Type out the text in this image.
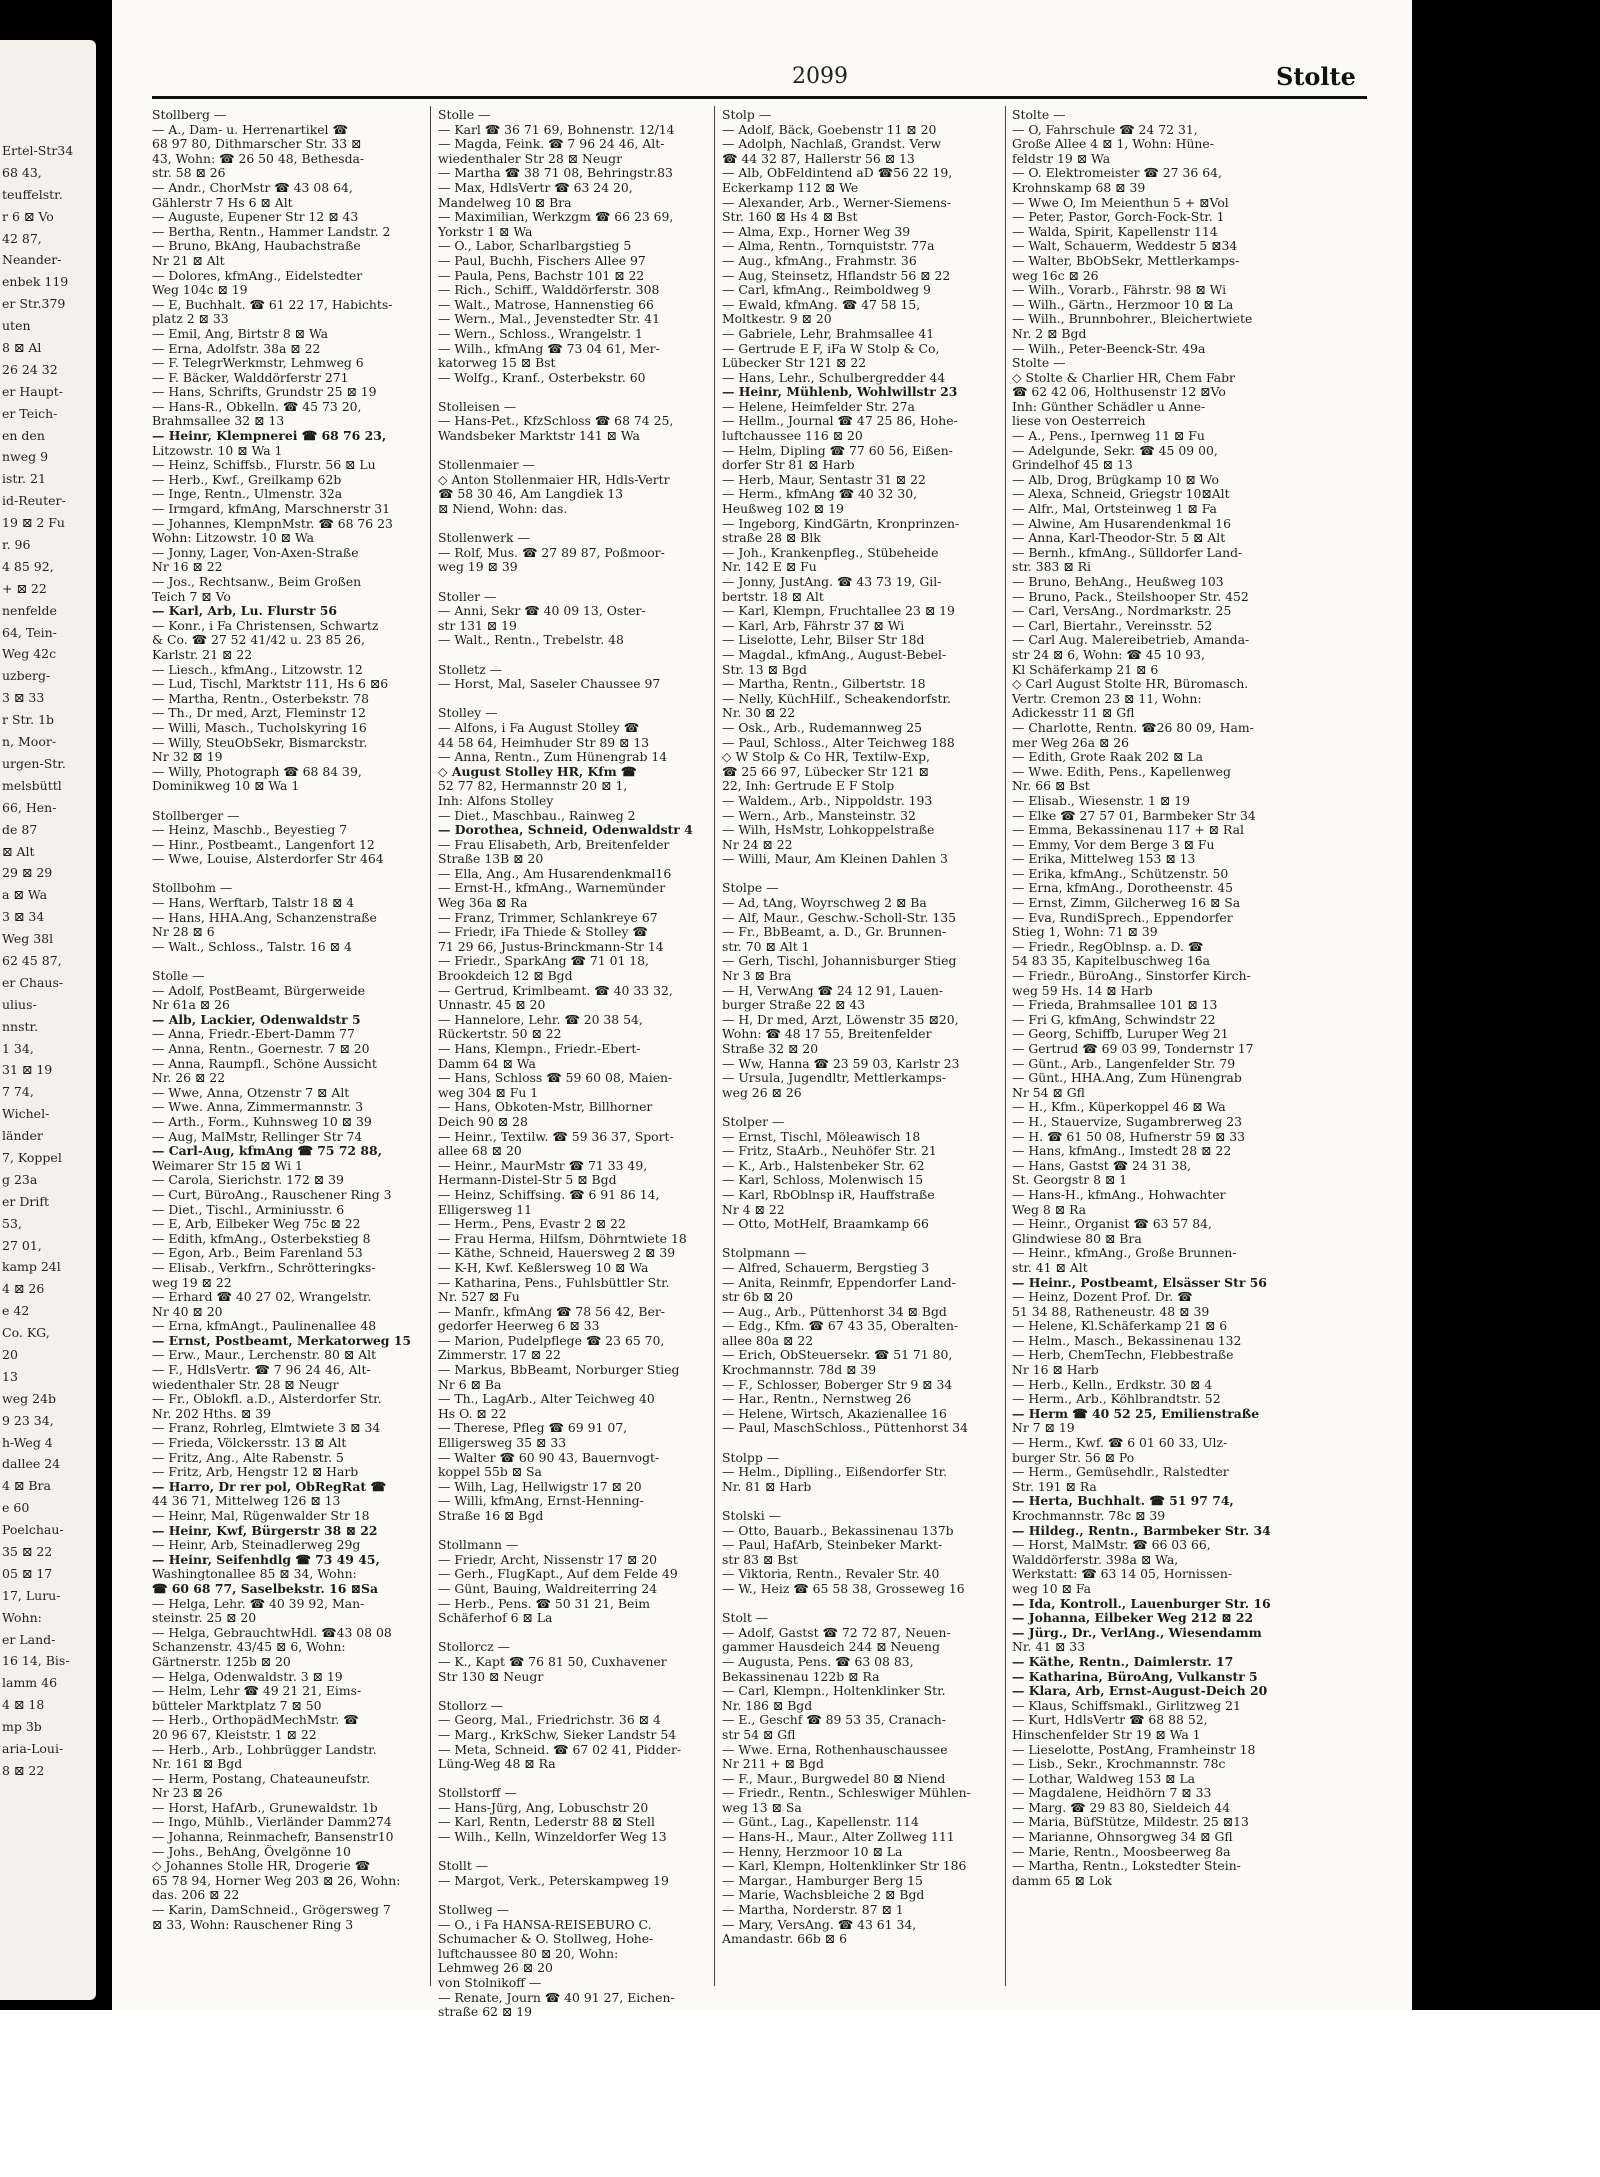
Ertel-Str34
68 43,
teuffelstr.
r 6 ⊠ Vo
42 87,
Neander-
enbek 119
er Str.379
uten
8 ⊠ Al
26 24 32
er Haupt-
er Teich-
en den
nweg 9
istr. 21
id-Reuter-
19 ⊠ 2 Fu
r. 96
4 85 92,
+ ⊠ 22
nenfelde
64, Tein-
Weg 42c
uzberg-
3 ⊠ 33
r Str. 1b
n, Moor-
urgen-Str.
melsbüttl
66, Hen-
de 87
⊠ Alt
29 ⊠ 29
a ⊠ Wa
3 ⊠ 34
Weg 38l
62 45 87,
er Chaus-
ulius-
nnstr.
1 34,
31 ⊠ 19
7 74,
Wichel-
länder
7, Koppel
g 23a
er Drift
53,
27 01,
kamp 24l
4 ⊠ 26
e 42
Co. KG,
20
13
weg 24b
9 23 34,
h-Weg 4
dallee 24
4 ⊠ Bra
e 60
Poelchau-
35 ⊠ 22
05 ⊠ 17
17, Luru-
Wohn:
er Land-
16 14, Bis-
lamm 46
4 ⊠ 18
mp 3b
aria-Loui-
8 ⊠ 22
2099	Stolte
Stollberg —
— A., Dam- u. Herrenartikel ☎
68 97 80, Dithmarscher Str. 33 ⊠
43, Wohn: ☎ 26 50 48, Bethesda-
str. 58 ⊠ 26
— Andr., ChorMstr ☎ 43 08 64,
Gählerstr 7 Hs 6 ⊠ Alt
— Auguste, Eupener Str 12 ⊠ 43
— Bertha, Rentn., Hammer Landstr. 2
— Bruno, BkAng, Haubachstraße
Nr 21 ⊠ Alt
— Dolores, kfmAng., Eidelstedter
Weg 104c ⊠ 19
— E, Buchhalt. ☎ 61 22 17, Habichts-
platz 2 ⊠ 33
— Emil, Ang, Birtstr 8 ⊠ Wa
— Erna, Adolfstr. 38a ⊠ 22
— F. TelegrWerkmstr, Lehmweg 6
— F. Bäcker, Walddörferstr 271
— Hans, Schrifts, Grundstr 25 ⊠ 19
— Hans-R., Obkelln. ☎ 45 73 20,
Brahmsallee 32 ⊠ 13
— Heinr, Klempnerei ☎ 68 76 23,
Litzowstr. 10 ⊠ Wa 1
— Heinz, Schiffsb., Flurstr. 56 ⊠ Lu
— Herb., Kwf., Greilkamp 62b
— Inge, Rentn., Ulmenstr. 32a
— Irmgard, kfmAng, Marschnerstr 31
— Johannes, KlempnMstr. ☎ 68 76 23
Wohn: Litzowstr. 10 ⊠ Wa
— Jonny, Lager, Von-Axen-Straße
Nr 16 ⊠ 22
— Jos., Rechtsanw., Beim Großen
Teich 7 ⊠ Vo
— Karl, Arb, Lu. Flurstr 56
— Konr., i Fa Christensen, Schwartz
& Co. ☎ 27 52 41/42 u. 23 85 26,
Karlstr. 21 ⊠ 22
— Liesch., kfmAng., Litzowstr. 12
— Lud, Tischl, Marktstr 111, Hs 6 ⊠6
— Martha, Rentn., Osterbekstr. 78
— Th., Dr med, Arzt, Fleminstr 12
— Willi, Masch., Tucholskyring 16
— Willy, SteuObSekr, Bismarckstr.
Nr 32 ⊠ 19
— Willy, Photograph ☎ 68 84 39,
Dominikweg 10 ⊠ Wa 1

Stollberger —
— Heinz, Maschb., Beyestieg 7
— Hinr., Postbeamt., Langenfort 12
— Wwe, Louise, Alsterdorfer Str 464

Stollbohm —
— Hans, Werftarb, Talstr 18 ⊠ 4
— Hans, HHA.Ang, Schanzenstraße
Nr 28 ⊠ 6
— Walt., Schloss., Talstr. 16 ⊠ 4

Stolle —
— Adolf, PostBeamt, Bürgerweide
Nr 61a ⊠ 26
— Alb, Lackier, Odenwaldstr 5
— Anna, Friedr.-Ebert-Damm 77
— Anna, Rentn., Goernestr. 7 ⊠ 20
— Anna, Raumpfl., Schöne Aussicht
Nr. 26 ⊠ 22
— Wwe, Anna, Otzenstr 7 ⊠ Alt
— Wwe. Anna, Zimmermannstr. 3
— Arth., Form., Kuhnsweg 10 ⊠ 39
— Aug, MalMstr, Rellinger Str 74
— Carl-Aug, kfmAng ☎ 75 72 88,
Weimarer Str 15 ⊠ Wi 1
— Carola, Sierichstr. 172 ⊠ 39
— Curt, BüroAng., Rauschener Ring 3
— Diet., Tischl., Arminiusstr. 6
— E, Arb, Eilbeker Weg 75c ⊠ 22
— Edith, kfmAng., Osterbekstieg 8
— Egon, Arb., Beim Farenland 53
— Elisab., Verkfrn., Schrötteringks-
weg 19 ⊠ 22
— Erhard ☎ 40 27 02, Wrangelstr.
Nr 40 ⊠ 20
— Erna, kfmAngt., Paulinenallee 48
— Ernst, Postbeamt, Merkatorweg 15
— Erw., Maur., Lerchenstr. 80 ⊠ Alt
— F., HdlsVertr. ☎ 7 96 24 46, Alt-
wiedenthaler Str. 28 ⊠ Neugr
— Fr., Oblokfl. a.D., Alsterdorfer Str.
Nr. 202 Hths. ⊠ 39
— Franz, Rohrleg, Elmtwiete 3 ⊠ 34
— Frieda, Völckersstr. 13 ⊠ Alt
— Fritz, Ang., Alte Rabenstr. 5
— Fritz, Arb, Hengstr 12 ⊠ Harb
— Harro, Dr rer pol, ObRegRat ☎
44 36 71, Mittelweg 126 ⊠ 13
— Heinr, Mal, Rügenwalder Str 18
— Heinr, Kwf, Bürgerstr 38 ⊠ 22
— Heinr, Arb, Steinadlerweg 29g
— Heinr, Seifenhdlg ☎ 73 49 45,
Washingtonallee 85 ⊠ 34, Wohn:
☎ 60 68 77, Saselbekstr. 16 ⊠Sa
— Helga, Lehr. ☎ 40 39 92, Man-
steinstr. 25 ⊠ 20
— Helga, GebrauchtwHdl. ☎43 08 08
Schanzenstr. 43/45 ⊠ 6, Wohn:
Gärtnerstr. 125b ⊠ 20
— Helga, Odenwaldstr. 3 ⊠ 19
— Helm, Lehr ☎ 49 21 21, Eims-
bütteler Marktplatz 7 ⊠ 50
— Herb., OrthopädMechMstr. ☎
20 96 67, Kleiststr. 1 ⊠ 22
— Herb., Arb., Lohbrügger Landstr.
Nr. 161 ⊠ Bgd
— Herm, Postang, Chateauneufstr.
Nr 23 ⊠ 26
— Horst, HafArb., Grunewaldstr. 1b
— Ingo, Mühlb., Vierländer Damm274
— Johanna, Reinmachefr, Bansenstr10
— Johs., BehAng, Övelgönne 10
◇ Johannes Stolle HR, Drogerie ☎
65 78 94, Horner Weg 203 ⊠ 26, Wohn:
das. 206 ⊠ 22
— Karin, DamSchneid., Grögersweg 7
⊠ 33, Wohn: Rauschener Ring 3
Stolle —
— Karl ☎ 36 71 69, Bohnenstr. 12/14
— Magda, Feink. ☎ 7 96 24 46, Alt-
wiedenthaler Str 28 ⊠ Neugr
— Martha ☎ 38 71 08, Behringstr.83
— Max, HdlsVertr ☎ 63 24 20,
Mandelweg 10 ⊠ Bra
— Maximilian, Werkzgm ☎ 66 23 69,
Yorkstr 1 ⊠ Wa
— O., Labor, Scharlbargstieg 5
— Paul, Buchh, Fischers Allee 97
— Paula, Pens, Bachstr 101 ⊠ 22
— Rich., Schiff., Walddörferstr. 308
— Walt., Matrose, Hannenstieg 66
— Wern., Mal., Jevenstedter Str. 41
— Wern., Schloss., Wrangelstr. 1
— Wilh., kfmAng ☎ 73 04 61, Mer-
katorweg 15 ⊠ Bst
— Wolfg., Kranf., Osterbekstr. 60

Stolleisen —
— Hans-Pet., KfzSchloss ☎ 68 74 25,
Wandsbeker Marktstr 141 ⊠ Wa

Stollenmaier —
◇ Anton Stollenmaier HR, Hdls-Vertr
☎ 58 30 46, Am Langdiek 13
⊠ Niend, Wohn: das.

Stollenwerk —
— Rolf, Mus. ☎ 27 89 87, Poßmoor-
weg 19 ⊠ 39

Stoller —
— Anni, Sekr ☎ 40 09 13, Oster-
str 131 ⊠ 19
— Walt., Rentn., Trebelstr. 48

Stolletz —
— Horst, Mal, Saseler Chaussee 97

Stolley —
— Alfons, i Fa August Stolley ☎
44 58 64, Heimhuder Str 89 ⊠ 13
— Anna, Rentn., Zum Hünengrab 14
◇ August Stolley HR, Kfm ☎
52 77 82, Hermannstr 20 ⊠ 1,
Inh: Alfons Stolley
— Diet., Maschbau., Rainweg 2
— Dorothea, Schneid, Odenwaldstr 4
— Frau Elisabeth, Arb, Breitenfelder
Straße 13B ⊠ 20
— Ella, Ang., Am Husarendenkmal16
— Ernst-H., kfmAng., Warnemünder
Weg 36a ⊠ Ra
— Franz, Trimmer, Schlankreye 67
— Friedr, iFa Thiede & Stolley ☎
71 29 66, Justus-Brinckmann-Str 14
— Friedr., SparkAng ☎ 71 01 18,
Brookdeich 12 ⊠ Bgd
— Gertrud, Krimlbeamt. ☎ 40 33 32,
Unnastr. 45 ⊠ 20
— Hannelore, Lehr. ☎ 20 38 54,
Rückertstr. 50 ⊠ 22
— Hans, Klempn., Friedr.-Ebert-
Damm 64 ⊠ Wa
— Hans, Schloss ☎ 59 60 08, Maien-
weg 304 ⊠ Fu 1
— Hans, Obkoten-Mstr, Billhorner
Deich 90 ⊠ 28
— Heinr., Textilw. ☎ 59 36 37, Sport-
allee 68 ⊠ 20
— Heinr., MaurMstr ☎ 71 33 49,
Hermann-Distel-Str 5 ⊠ Bgd
— Heinz, Schiffsing. ☎ 6 91 86 14,
Elligersweg 11
— Herm., Pens, Evastr 2 ⊠ 22
— Frau Herma, Hilfsm, Döhrntwiete 18
— Käthe, Schneid, Hauersweg 2 ⊠ 39
— K-H, Kwf. Keßlersweg 10 ⊠ Wa
— Katharina, Pens., Fuhlsbüttler Str.
Nr. 527 ⊠ Fu
— Manfr., kfmAng ☎ 78 56 42, Ber-
gedorfer Heerweg 6 ⊠ 33
— Marion, Pudelpflege ☎ 23 65 70,
Zimmerstr. 17 ⊠ 22
— Markus, BbBeamt, Norburger Stieg
Nr 6 ⊠ Ba
— Th., LagArb., Alter Teichweg 40
Hs O. ⊠ 22
— Therese, Pfleg ☎ 69 91 07,
Elligersweg 35 ⊠ 33
— Walter ☎ 60 90 43, Bauernvogt-
koppel 55b ⊠ Sa
— Wilh, Lag, Hellwigstr 17 ⊠ 20
— Willi, kfmAng, Ernst-Henning-
Straße 16 ⊠ Bgd

Stollmann —
— Friedr, Archt, Nissenstr 17 ⊠ 20
— Gerh., FlugKapt., Auf dem Felde 49
— Günt, Bauing, Waldreiterring 24
— Herb., Pens. ☎ 50 31 21, Beim
Schäferhof 6 ⊠ La

Stollorcz —
— K., Kapt ☎ 76 81 50, Cuxhavener
Str 130 ⊠ Neugr

Stollorz —
— Georg, Mal., Friedrichstr. 36 ⊠ 4
— Marg., KrkSchw, Sieker Landstr 54
— Meta, Schneid. ☎ 67 02 41, Pidder-
Lüng-Weg 48 ⊠ Ra

Stollstorff —
— Hans-Jürg, Ang, Lobuschstr 20
— Karl, Rentn, Lederstr 88 ⊠ Stell
— Wilh., Kelln, Winzeldorfer Weg 13

Stollt —
— Margot, Verk., Peterskampweg 19

Stollweg —
— O., i Fa HANSA-REISEBURO C.
Schumacher & O. Stollweg, Hohe-
luftchaussee 80 ⊠ 20, Wohn:
Lehmweg 26 ⊠ 20
von Stolnikoff —
— Renate, Journ ☎ 40 91 27, Eichen-
straße 62 ⊠ 19
Stolp —
— Adolf, Bäck, Goebenstr 11 ⊠ 20
— Adolph, Nachlaß, Grandst. Verw
☎ 44 32 87, Hallerstr 56 ⊠ 13
— Alb, ObFeldintend aD ☎56 22 19,
Eckerkamp 112 ⊠ We
— Alexander, Arb., Werner-Siemens-
Str. 160 ⊠ Hs 4 ⊠ Bst
— Alma, Exp., Horner Weg 39
— Alma, Rentn., Tornquiststr. 77a
— Aug., kfmAng., Frahmstr. 36
— Aug, Steinsetz, Hflandstr 56 ⊠ 22
— Carl, kfmAng., Reimboldweg 9
— Ewald, kfmAng. ☎ 47 58 15,
Moltkestr. 9 ⊠ 20
— Gabriele, Lehr, Brahmsallee 41
— Gertrude E F, iFa W Stolp & Co,
Lübecker Str 121 ⊠ 22
— Hans, Lehr., Schulbergredder 44
— Heinr, Mühlenb, Wohlwillstr 23
— Helene, Heimfelder Str. 27a
— Hellm., Journal ☎ 47 25 86, Hohe-
luftchaussee 116 ⊠ 20
— Helm, Dipling ☎ 77 60 56, Eißen-
dorfer Str 81 ⊠ Harb
— Herb, Maur, Sentastr 31 ⊠ 22
— Herm., kfmAng ☎ 40 32 30,
Heußweg 102 ⊠ 19
— Ingeborg, KindGärtn, Kronprinzen-
straße 28 ⊠ Blk
— Joh., Krankenpfleg., Stübeheide
Nr. 142 E ⊠ Fu
— Jonny, JustAng. ☎ 43 73 19, Gil-
bertstr. 18 ⊠ Alt
— Karl, Klempn, Fruchtallee 23 ⊠ 19
— Karl, Arb, Fährstr 37 ⊠ Wi
— Liselotte, Lehr, Bilser Str 18d
— Magdal., kfmAng., August-Bebel-
Str. 13 ⊠ Bgd
— Martha, Rentn., Gilbertstr. 18
— Nelly, KüchHilf., Scheakendorfstr.
Nr. 30 ⊠ 22
— Osk., Arb., Rudemannweg 25
— Paul, Schloss., Alter Teichweg 188
◇ W Stolp & Co HR, Textilw-Exp,
☎ 25 66 97, Lübecker Str 121 ⊠
22, Inh: Gertrude E F Stolp
— Waldem., Arb., Nippoldstr. 193
— Wern., Arb., Mansteinstr. 32
— Wilh, HsMstr, Lohkoppelstraße
Nr 24 ⊠ 22
— Willi, Maur, Am Kleinen Dahlen 3

Stolpe —
— Ad, tAng, Woyrschweg 2 ⊠ Ba
— Alf, Maur., Geschw.-Scholl-Str. 135
— Fr., BbBeamt, a. D., Gr. Brunnen-
str. 70 ⊠ Alt 1
— Gerh, Tischl, Johannisburger Stieg
Nr 3 ⊠ Bra
— H, VerwAng ☎ 24 12 91, Lauen-
burger Straße 22 ⊠ 43
— H, Dr med, Arzt, Löwenstr 35 ⊠20,
Wohn: ☎ 48 17 55, Breitenfelder
Straße 32 ⊠ 20
— Ww, Hanna ☎ 23 59 03, Karlstr 23
— Ursula, Jugendltr, Mettlerkamps-
weg 26 ⊠ 26

Stolper —
— Ernst, Tischl, Möleawisch 18
— Fritz, StaArb., Neuhöfer Str. 21
— K., Arb., Halstenbeker Str. 62
— Karl, Schloss, Molenwisch 15
— Karl, RbOblnsp iR, Hauffstraße
Nr 4 ⊠ 22
— Otto, MotHelf, Braamkamp 66

Stolpmann —
— Alfred, Schauerm, Bergstieg 3
— Anita, Reinmfr, Eppendorfer Land-
str 6b ⊠ 20
— Aug., Arb., Püttenhorst 34 ⊠ Bgd
— Edg., Kfm. ☎ 67 43 35, Oberalten-
allee 80a ⊠ 22
— Erich, ObSteuersekr. ☎ 51 71 80,
Krochmannstr. 78d ⊠ 39
— F., Schlosser, Boberger Str 9 ⊠ 34
— Har., Rentn., Nernstweg 26
— Helene, Wirtsch, Akazienallee 16
— Paul, MaschSchloss., Püttenhorst 34

Stolpp —
— Helm., Diplling., Eißendorfer Str.
Nr. 81 ⊠ Harb

Stolski —
— Otto, Bauarb., Bekassinenau 137b
— Paul, HafArb, Steinbeker Markt-
str 83 ⊠ Bst
— Viktoria, Rentn., Revaler Str. 40
— W., Heiz ☎ 65 58 38, Grosseweg 16

Stolt —
— Adolf, Gastst ☎ 72 72 87, Neuen-
gammer Hausdeich 244 ⊠ Neueng
— Augusta, Pens. ☎ 63 08 83,
Bekassinenau 122b ⊠ Ra
— Carl, Klempn., Holtenklinker Str.
Nr. 186 ⊠ Bgd
— E., Geschf ☎ 89 53 35, Cranach-
str 54 ⊠ Gfl
— Wwe. Erna, Rothenhauschaussee
Nr 211 + ⊠ Bgd
— F., Maur., Burgwedel 80 ⊠ Niend
— Friedr., Rentn., Schleswiger Mühlen-
weg 13 ⊠ Sa
— Günt., Lag., Kapellenstr. 114
— Hans-H., Maur., Alter Zollweg 111
— Henny, Herzmoor 10 ⊠ La
— Karl, Klempn, Holtenklinker Str 186
— Margar., Hamburger Berg 15
— Marie, Wachsbleiche 2 ⊠ Bgd
— Martha, Norderstr. 87 ⊠ 1
— Mary, VersAng. ☎ 43 61 34,
Amandastr. 66b ⊠ 6
Stolte —
— O, Fahrschule ☎ 24 72 31,
Große Allee 4 ⊠ 1, Wohn: Hüne-
feldstr 19 ⊠ Wa
— O. Elektromeister ☎ 27 36 64,
Krohnskamp 68 ⊠ 39
— Wwe O, Im Meienthun 5 + ⊠Vol
— Peter, Pastor, Gorch-Fock-Str. 1
— Walda, Spirit, Kapellenstr 114
— Walt, Schauerm, Weddestr 5 ⊠34
— Walter, BbObSekr, Mettlerkamps-
weg 16c ⊠ 26
— Wilh., Vorarb., Fährstr. 98 ⊠ Wi
— Wilh., Gärtn., Herzmoor 10 ⊠ La
— Wilh., Brunnbohrer., Bleichertwiete
Nr. 2 ⊠ Bgd
— Wilh., Peter-Beenck-Str. 49a
Stolte —
◇ Stolte & Charlier HR, Chem Fabr
☎ 62 42 06, Holthusenstr 12 ⊠Vo
Inh: Günther Schädler u Anne-
liese von Oesterreich
— A., Pens., Ipernweg 11 ⊠ Fu
— Adelgunde, Sekr. ☎ 45 09 00,
Grindelhof 45 ⊠ 13
— Alb, Drog, Brügkamp 10 ⊠ Wo
— Alexa, Schneid, Griegstr 10⊠Alt
— Alfr., Mal, Ortsteinweg 1 ⊠ Fa
— Alwine, Am Husarendenkmal 16
— Anna, Karl-Theodor-Str. 5 ⊠ Alt
— Bernh., kfmAng., Sülldorfer Land-
str. 383 ⊠ Ri
— Bruno, BehAng., Heußweg 103
— Bruno, Pack., Steilshooper Str. 452
— Carl, VersAng., Nordmarkstr. 25
— Carl, Biertahr., Vereinsstr. 52
— Carl Aug. Malereibetrieb, Amanda-
str 24 ⊠ 6, Wohn: ☎ 45 10 93,
Kl Schäferkamp 21 ⊠ 6
◇ Carl August Stolte HR, Büromasch.
Vertr. Cremon 23 ⊠ 11, Wohn:
Adickesstr 11 ⊠ Gfl
— Charlotte, Rentn. ☎26 80 09, Ham-
mer Weg 26a ⊠ 26
— Edith, Grote Raak 202 ⊠ La
— Wwe. Edith, Pens., Kapellenweg
Nr. 66 ⊠ Bst
— Elisab., Wiesenstr. 1 ⊠ 19
— Elke ☎ 27 57 01, Barmbeker Str 34
— Emma, Bekassinenau 117 + ⊠ Ral
— Emmy, Vor dem Berge 3 ⊠ Fu
— Erika, Mittelweg 153 ⊠ 13
— Erika, kfmAng., Schützenstr. 50
— Erna, kfmAng., Dorotheenstr. 45
— Ernst, Zimm, Gilcherweg 16 ⊠ Sa
— Eva, RundiSprech., Eppendorfer
Stieg 1, Wohn: 71 ⊠ 39
— Friedr., RegOblnsp. a. D. ☎
54 83 35, Kapitelbuschweg 16a
— Friedr., BüroAng., Sinstorfer Kirch-
weg 59 Hs. 14 ⊠ Harb
— Frieda, Brahmsallee 101 ⊠ 13
— Fri G, kfmAng, Schwindstr 22
— Georg, Schiffb, Luruper Weg 21
— Gertrud ☎ 69 03 99, Tondernstr 17
— Günt., Arb., Langenfelder Str. 79
— Günt., HHA.Ang, Zum Hünengrab
Nr 54 ⊠ Gfl
— H., Kfm., Küperkoppel 46 ⊠ Wa
— H., Stauervize, Sugambrerweg 23
— H. ☎ 61 50 08, Hufnerstr 59 ⊠ 33
— Hans, kfmAng., Imstedt 28 ⊠ 22
— Hans, Gastst ☎ 24 31 38,
St. Georgstr 8 ⊠ 1
— Hans-H., kfmAng., Hohwachter
Weg 8 ⊠ Ra
— Heinr., Organist ☎ 63 57 84,
Glindwiese 80 ⊠ Bra
— Heinr., kfmAng., Große Brunnen-
str. 41 ⊠ Alt
— Heinr., Postbeamt, Elsässer Str 56
— Heinz, Dozent Prof. Dr. ☎
51 34 88, Ratheneustr. 48 ⊠ 39
— Helene, Kl.Schäferkamp 21 ⊠ 6
— Helm., Masch., Bekassinenau 132
— Herb, ChemTechn, Flebbestraße
Nr 16 ⊠ Harb
— Herb., Kelln., Erdkstr. 30 ⊠ 4
— Herm., Arb., Köhlbrandtstr. 52
— Herm ☎ 40 52 25, Emilienstraße
Nr 7 ⊠ 19
— Herm., Kwf. ☎ 6 01 60 33, Ulz-
burger Str. 56 ⊠ Po
— Herm., Gemüsehdlr., Ralstedter
Str. 191 ⊠ Ra
— Herta, Buchhalt. ☎ 51 97 74,
Krochmannstr. 78c ⊠ 39
— Hildeg., Rentn., Barmbeker Str. 34
— Horst, MalMstr. ☎ 66 03 66,
Walddörferstr. 398a ⊠ Wa,
Werkstatt: ☎ 63 14 05, Hornissen-
weg 10 ⊠ Fa
— Ida, Kontroll., Lauenburger Str. 16
— Johanna, Eilbeker Weg 212 ⊠ 22
— Jürg., Dr., VerlAng., Wiesendamm
Nr. 41 ⊠ 33
— Käthe, Rentn., Daimlerstr. 17
— Katharina, BüroAng, Vulkanstr 5
— Klara, Arb, Ernst-August-Deich 20
— Klaus, Schiffsmakl., Girlitzweg 21
— Kurt, HdlsVertr ☎ 68 88 52,
Hinschenfelder Str 19 ⊠ Wa 1
— Lieselotte, PostAng, Framheinstr 18
— Lisb., Sekr., Krochmannstr. 78c
— Lothar, Waldweg 153 ⊠ La
— Magdalene, Heidhörn 7 ⊠ 33
— Marg. ☎ 29 83 80, Sieldeich 44
— Maria, BüfStütze, Mildestr. 25 ⊠13
— Marianne, Ohnsorgweg 34 ⊠ Gfl
— Marie, Rentn., Moosbeerweg 8a
— Martha, Rentn., Lokstedter Stein-
damm 65 ⊠ Lok
